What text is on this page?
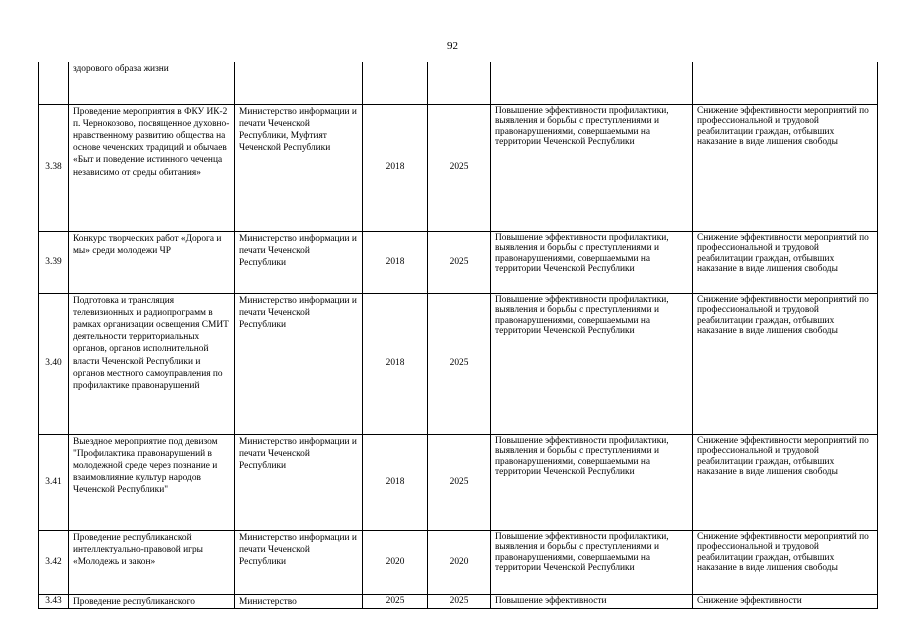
92
	здорового образа жизни					
3.38	Проведение мероприятия в ФКУ ИК-2 п. Чернокозово, посвященное духовно-нравственному развитию общества на основе чеченских традиций и обычаев «Быт и поведение истинного чеченца независимо от среды обитания»	Министерство информации и печати Чеченской Республики, Муфтият Чеченской Республики	2018	2025	Повышение эффективности профилактики, выявления и борьбы с преступлениями и правонарушениями, совершаемыми на территории Чеченской Республики	Снижение эффективности мероприятий по профессиональной и трудовой реабилитации граждан, отбывших наказание в виде лишения свободы
3.39	Конкурс творческих работ «Дорога и мы» среди молодежи ЧР	Министерство информации и печати Чеченской Республики	2018	2025	Повышение эффективности профилактики, выявления и борьбы с преступлениями и правонарушениями, совершаемыми на территории Чеченской Республики	Снижение эффективности мероприятий по профессиональной и трудовой реабилитации граждан, отбывших наказание в виде лишения свободы
3.40	Подготовка и трансляция телевизионных и радиопрограмм в рамках организации освещения СМИТ деятельности территориальных органов, органов исполнительной власти Чеченской Республики и органов местного самоуправления по профилактике правонарушений	Министерство информации и печати Чеченской Республики	2018	2025	Повышение эффективности профилактики, выявления и борьбы с преступлениями и правонарушениями, совершаемыми на территории Чеченской Республики	Снижение эффективности мероприятий по профессиональной и трудовой реабилитации граждан, отбывших наказание в виде лишения свободы
3.41	Выездное мероприятие под девизом "Профилактика правонарушений в молодежной среде через познание и взаимовлияние культур народов Чеченской Республики"	Министерство информации и печати Чеченской Республики	2018	2025	Повышение эффективности профилактики, выявления и борьбы с преступлениями и правонарушениями, совершаемыми на территории Чеченской Республики	Снижение эффективности мероприятий по профессиональной и трудовой реабилитации граждан, отбывших наказание в виде лишения свободы
3.42	Проведение республиканской интеллектуально-правовой игры «Молодежь и закон»	Министерство информации и печати Чеченской Республики	2020	2020	Повышение эффективности профилактики, выявления и борьбы с преступлениями и правонарушениями, совершаемыми на территории Чеченской Республики	Снижение эффективности мероприятий по профессиональной и трудовой реабилитации граждан, отбывших наказание в виде лишения свободы
3.43	Проведение республиканского	Министерство	2025	2025	Повышение эффективности	Снижение эффективности
